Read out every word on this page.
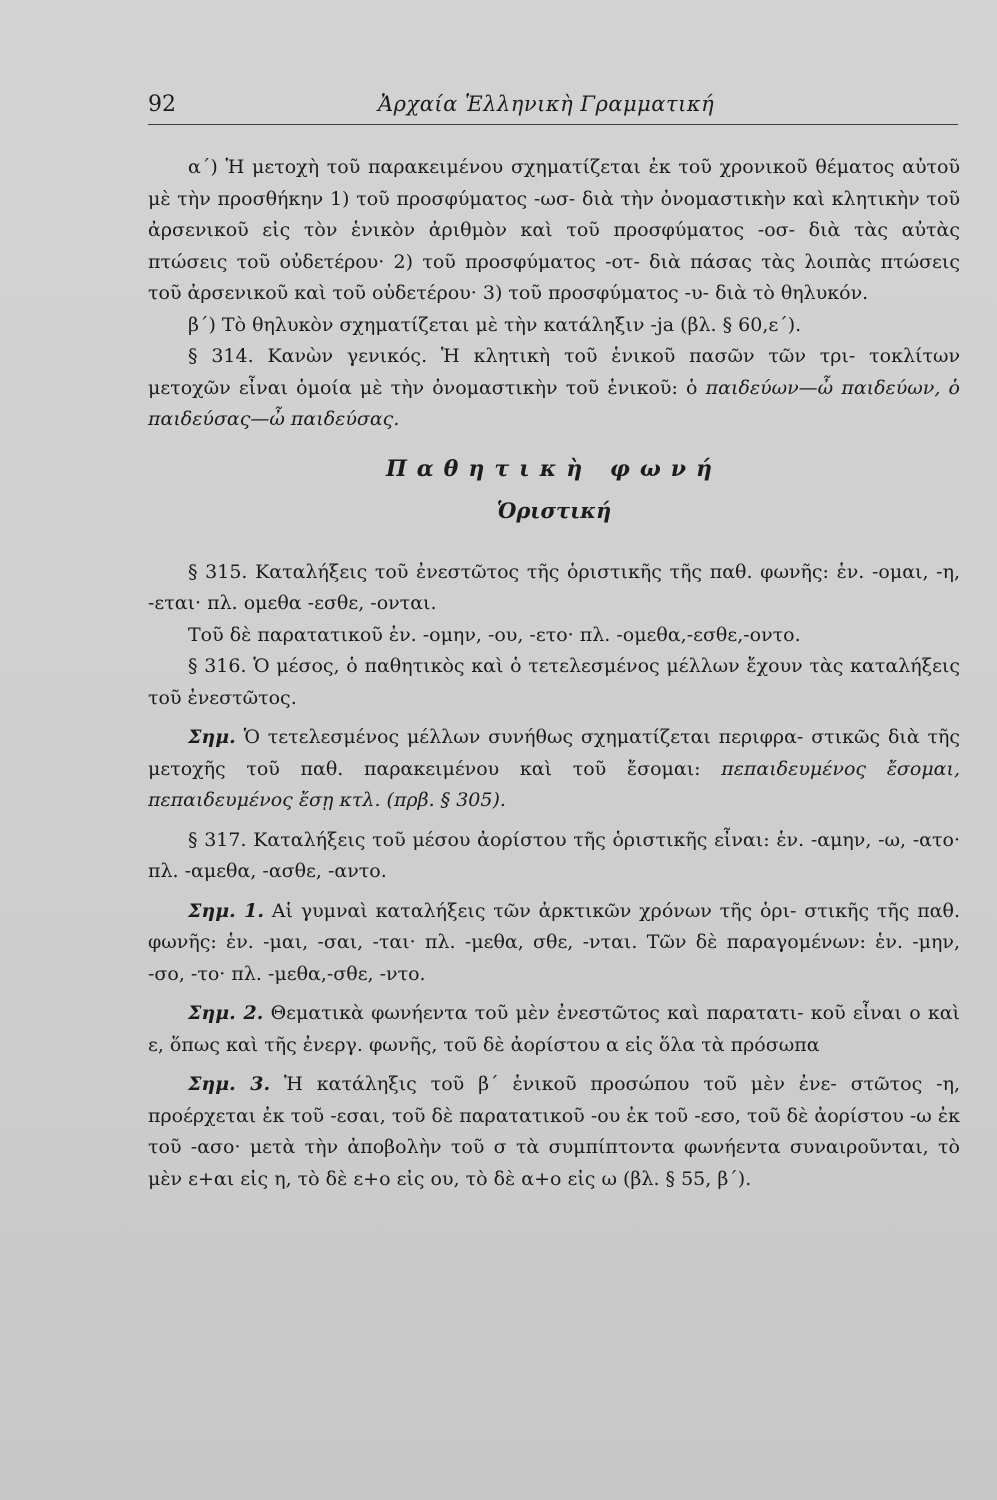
92	Ἀρχαία Ἑλληνικὴ Γραμματική

α΄) Ἡ μετοχὴ τοῦ παρακειμένου σχηματίζεται ἐκ τοῦ χρονικοῦ θέματος αὐτοῦ μὲ τὴν προσθήκην 1) τοῦ προσφύματος -ωσ- διὰ τὴν ὀνομαστικὴν καὶ κλητικὴν τοῦ ἀρσενικοῦ εἰς τὸν ἑνικὸν ἀριθμὸν καὶ τοῦ προσφύματος -οσ- διὰ τὰς αὐτὰς πτώσεις τοῦ οὐδετέρου· 2) τοῦ προσφύματος -οτ- διὰ πάσας τὰς λοιπὰς πτώσεις τοῦ ἀρσενικοῦ καὶ τοῦ οὐδετέρου· 3) τοῦ προσφύματος -υ- διὰ τὸ θηλυκόν.

β΄) Τὸ θηλυκὸν σχηματίζεται μὲ τὴν κατάληξιν -ja (βλ. § 60,ε΄).

§ 314. Κανὼν γενικός. Ἡ κλητικὴ τοῦ ἑνικοῦ πασῶν τῶν τρι- τοκλίτων μετοχῶν εἶναι ὁμοία μὲ τὴν ὀνομαστικὴν τοῦ ἑνικοῦ: ὁ παιδεύων—ὦ παιδεύων, ὁ παιδεύσας—ὦ παιδεύσας.

Παθητικὴ φωνή

Ὁριστική

§ 315. Καταλήξεις τοῦ ἐνεστῶτος τῆς ὁριστικῆς τῆς παθ. φωνῆς: ἑν. -ομαι, -η, -εται· πλ. ομεθα -εσθε, -ονται.

Τοῦ δὲ παρατατικοῦ ἑν. -ομην, -ου, -ετο· πλ. -ομεθα,-εσθε,-οντο.

§ 316. Ὁ μέσος, ὁ παθητικὸς καὶ ὁ τετελεσμένος μέλλων ἔχουν τὰς καταλήξεις τοῦ ἐνεστῶτος.

Σημ. Ὁ τετελεσμένος μέλλων συνήθως σχηματίζεται περιφρα- στικῶς διὰ τῆς μετοχῆς τοῦ παθ. παρακειμένου καὶ τοῦ ἔσομαι: πεπαιδευμένος ἔσομαι, πεπαιδευμένος ἔσῃ κτλ. (πρβ. § 305).

§ 317. Καταλήξεις τοῦ μέσου ἀορίστου τῆς ὁριστικῆς εἶναι: ἑν. -αμην, -ω, -ατο· πλ. -αμεθα, -ασθε, -αντο.

Σημ. 1. Αἱ γυμναὶ καταλήξεις τῶν ἀρκτικῶν χρόνων τῆς ὁρι- στικῆς τῆς παθ. φωνῆς: ἑν. -μαι, -σαι, -ται· πλ. -μεθα, σθε, -νται. Τῶν δὲ παραγομένων: ἑν. -μην, -σο, -το· πλ. -μεθα,-σθε, -ντο.

Σημ. 2. Θεματικὰ φωνήεντα τοῦ μὲν ἐνεστῶτος καὶ παρατατι- κοῦ εἶναι ο καὶ ε, ὅπως καὶ τῆς ἐνεργ. φωνῆς, τοῦ δὲ ἀορίστου α εἰς ὅλα τὰ πρόσωπα

Σημ. 3. Ἡ κατάληξις τοῦ β΄ ἑνικοῦ προσώπου τοῦ μὲν ἐνε- στῶτος -η, προέρχεται ἐκ τοῦ -εσαι, τοῦ δὲ παρατατικοῦ -ου ἐκ τοῦ -εσο, τοῦ δὲ ἀορίστου -ω ἐκ τοῦ -ασο· μετὰ τὴν ἀποβολὴν τοῦ σ τὰ συμπίπτοντα φωνήεντα συναιροῦνται, τὸ μὲν ε+αι εἰς η, τὸ δὲ ε+ο εἰς ου, τὸ δὲ α+ο εἰς ω (βλ. § 55, β΄).
